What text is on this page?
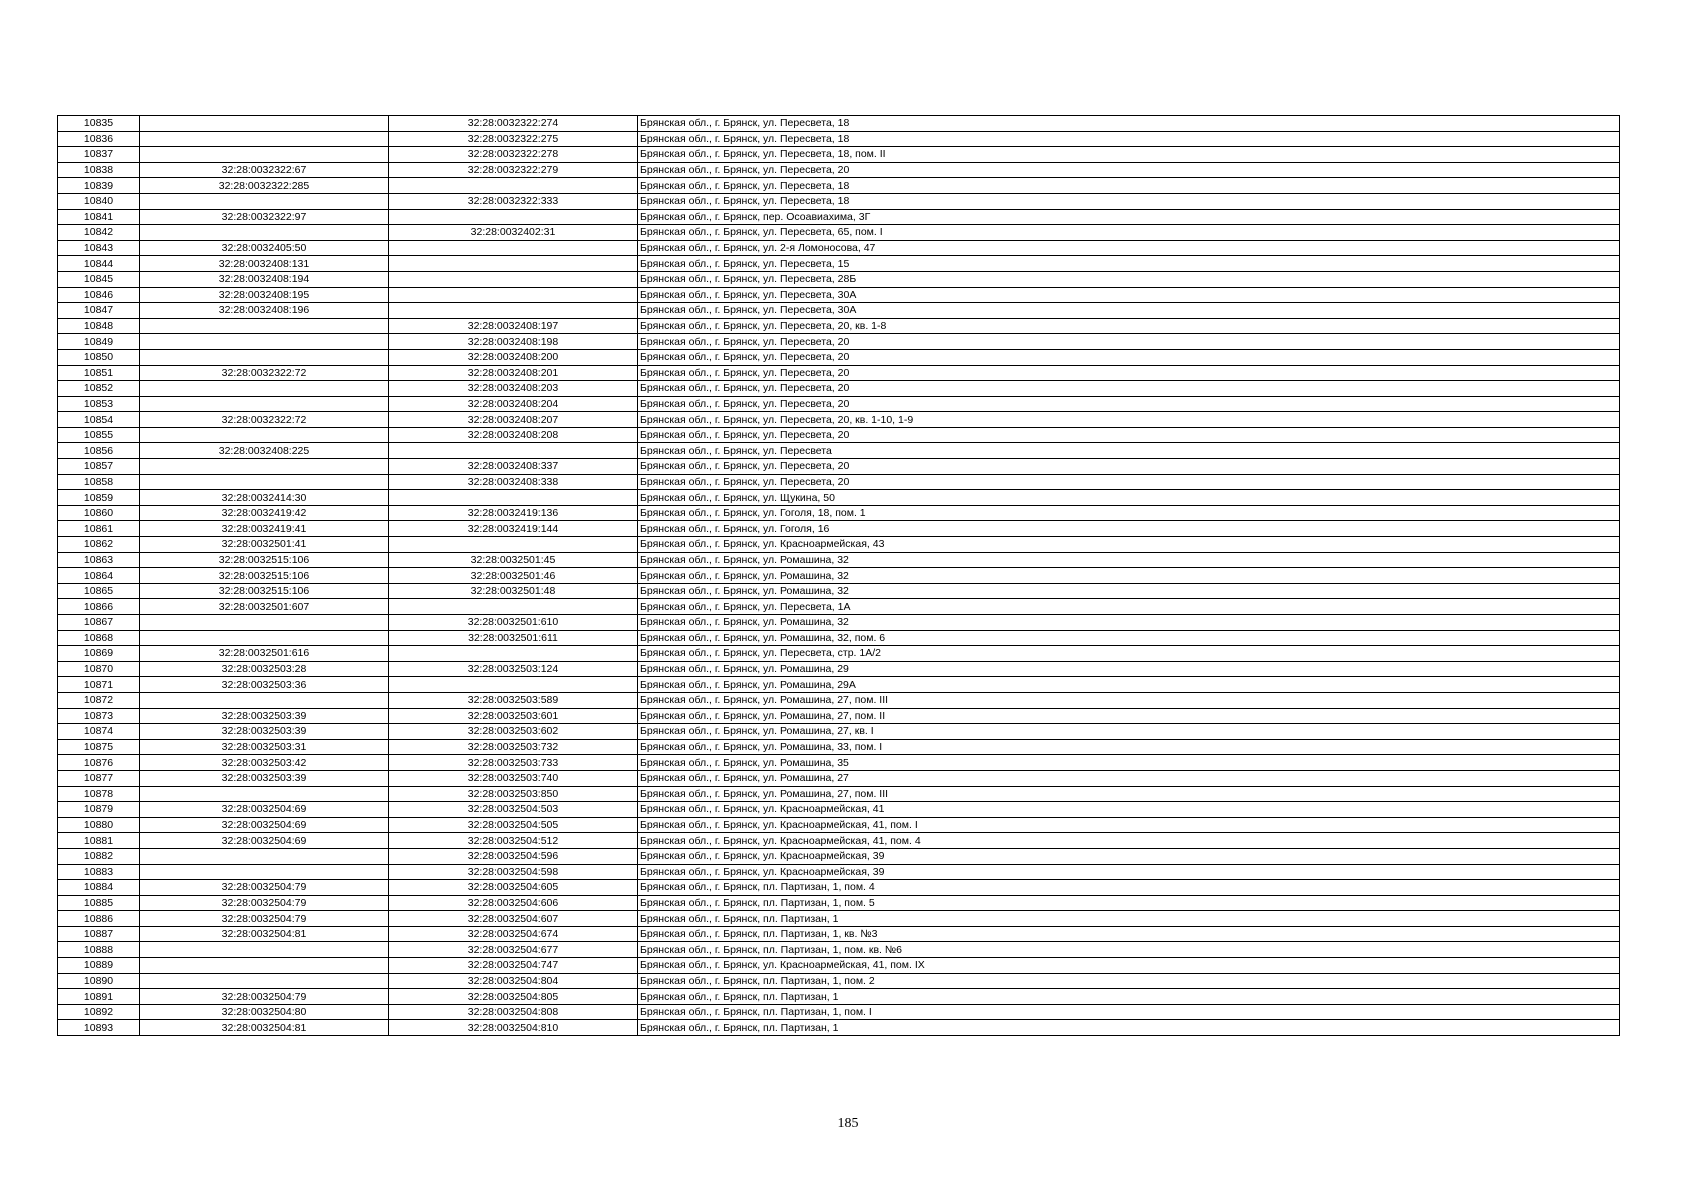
10835		32:28:0032322:274	Брянская обл., г. Брянск, ул. Пересвета, 18
10836		32:28:0032322:275	Брянская обл., г. Брянск, ул. Пересвета, 18
10837		32:28:0032322:278	Брянская обл., г. Брянск, ул. Пересвета, 18, пом. II
10838	32:28:0032322:67	32:28:0032322:279	Брянская обл., г. Брянск, ул. Пересвета, 20
10839	32:28:0032322:285		Брянская обл., г. Брянск, ул. Пересвета, 18
10840		32:28:0032322:333	Брянская обл., г. Брянск, ул. Пересвета, 18
10841	32:28:0032322:97		Брянская обл., г. Брянск, пер. Осоавиахима, 3Г
10842		32:28:0032402:31	Брянская обл., г. Брянск, ул. Пересвета, 65, пом. I
10843	32:28:0032405:50		Брянская обл., г. Брянск, ул. 2-я Ломоносова, 47
10844	32:28:0032408:131		Брянская обл., г. Брянск, ул. Пересвета, 15
10845	32:28:0032408:194		Брянская обл., г. Брянск, ул. Пересвета, 28Б
10846	32:28:0032408:195		Брянская обл., г. Брянск, ул. Пересвета, 30А
10847	32:28:0032408:196		Брянская обл., г. Брянск, ул. Пересвета, 30А
10848		32:28:0032408:197	Брянская обл., г. Брянск, ул. Пересвета, 20, кв. 1-8
10849		32:28:0032408:198	Брянская обл., г. Брянск, ул. Пересвета, 20
10850		32:28:0032408:200	Брянская обл., г. Брянск, ул. Пересвета, 20
10851	32:28:0032322:72	32:28:0032408:201	Брянская обл., г. Брянск, ул. Пересвета, 20
10852		32:28:0032408:203	Брянская обл., г. Брянск, ул. Пересвета, 20
10853		32:28:0032408:204	Брянская обл., г. Брянск, ул. Пересвета, 20
10854	32:28:0032322:72	32:28:0032408:207	Брянская обл., г. Брянск, ул. Пересвета, 20, кв. 1-10, 1-9
10855		32:28:0032408:208	Брянская обл., г. Брянск, ул. Пересвета, 20
10856	32:28:0032408:225		Брянская обл., г. Брянск, ул. Пересвета
10857		32:28:0032408:337	Брянская обл., г. Брянск, ул. Пересвета, 20
10858		32:28:0032408:338	Брянская обл., г. Брянск, ул. Пересвета, 20
10859	32:28:0032414:30		Брянская обл., г. Брянск, ул. Щукина, 50
10860	32:28:0032419:42	32:28:0032419:136	Брянская обл., г. Брянск, ул. Гоголя, 18, пом. 1
10861	32:28:0032419:41	32:28:0032419:144	Брянская обл., г. Брянск, ул. Гоголя, 16
10862	32:28:0032501:41		Брянская обл., г. Брянск, ул. Красноармейская, 43
10863	32:28:0032515:106	32:28:0032501:45	Брянская обл., г. Брянск, ул. Ромашина, 32
10864	32:28:0032515:106	32:28:0032501:46	Брянская обл., г. Брянск, ул. Ромашина, 32
10865	32:28:0032515:106	32:28:0032501:48	Брянская обл., г. Брянск, ул. Ромашина, 32
10866	32:28:0032501:607		Брянская обл., г. Брянск, ул. Пересвета, 1А
10867		32:28:0032501:610	Брянская обл., г. Брянск, ул. Ромашина, 32
10868		32:28:0032501:611	Брянская обл., г. Брянск, ул. Ромашина, 32, пом. 6
10869	32:28:0032501:616		Брянская обл., г. Брянск, ул. Пересвета, стр. 1А/2
10870	32:28:0032503:28	32:28:0032503:124	Брянская обл., г. Брянск, ул. Ромашина, 29
10871	32:28:0032503:36		Брянская обл., г. Брянск, ул. Ромашина, 29А
10872		32:28:0032503:589	Брянская обл., г. Брянск, ул. Ромашина, 27, пом. III
10873	32:28:0032503:39	32:28:0032503:601	Брянская обл., г. Брянск, ул. Ромашина, 27, пом. II
10874	32:28:0032503:39	32:28:0032503:602	Брянская обл., г. Брянск, ул. Ромашина, 27, кв. I
10875	32:28:0032503:31	32:28:0032503:732	Брянская обл., г. Брянск, ул. Ромашина, 33, пом. I
10876	32:28:0032503:42	32:28:0032503:733	Брянская обл., г. Брянск, ул. Ромашина, 35
10877	32:28:0032503:39	32:28:0032503:740	Брянская обл., г. Брянск, ул. Ромашина, 27
10878		32:28:0032503:850	Брянская обл., г. Брянск, ул. Ромашина, 27, пом. III
10879	32:28:0032504:69	32:28:0032504:503	Брянская обл., г. Брянск, ул. Красноармейская, 41
10880	32:28:0032504:69	32:28:0032504:505	Брянская обл., г. Брянск, ул. Красноармейская, 41, пом. I
10881	32:28:0032504:69	32:28:0032504:512	Брянская обл., г. Брянск, ул. Красноармейская, 41, пом. 4
10882		32:28:0032504:596	Брянская обл., г. Брянск, ул. Красноармейская, 39
10883		32:28:0032504:598	Брянская обл., г. Брянск, ул. Красноармейская, 39
10884	32:28:0032504:79	32:28:0032504:605	Брянская обл., г. Брянск, пл. Партизан, 1, пом. 4
10885	32:28:0032504:79	32:28:0032504:606	Брянская обл., г. Брянск, пл. Партизан, 1, пом. 5
10886	32:28:0032504:79	32:28:0032504:607	Брянская обл., г. Брянск, пл. Партизан, 1
10887	32:28:0032504:81	32:28:0032504:674	Брянская обл., г. Брянск, пл. Партизан, 1, кв. №3
10888		32:28:0032504:677	Брянская обл., г. Брянск, пл. Партизан, 1, пом. кв. №6
10889		32:28:0032504:747	Брянская обл., г. Брянск, ул. Красноармейская, 41, пом. IX
10890		32:28:0032504:804	Брянская обл., г. Брянск, пл. Партизан, 1, пом. 2
10891	32:28:0032504:79	32:28:0032504:805	Брянская обл., г. Брянск, пл. Партизан, 1
10892	32:28:0032504:80	32:28:0032504:808	Брянская обл., г. Брянск, пл. Партизан, 1, пом. I
10893	32:28:0032504:81	32:28:0032504:810	Брянская обл., г. Брянск, пл. Партизан, 1
185
